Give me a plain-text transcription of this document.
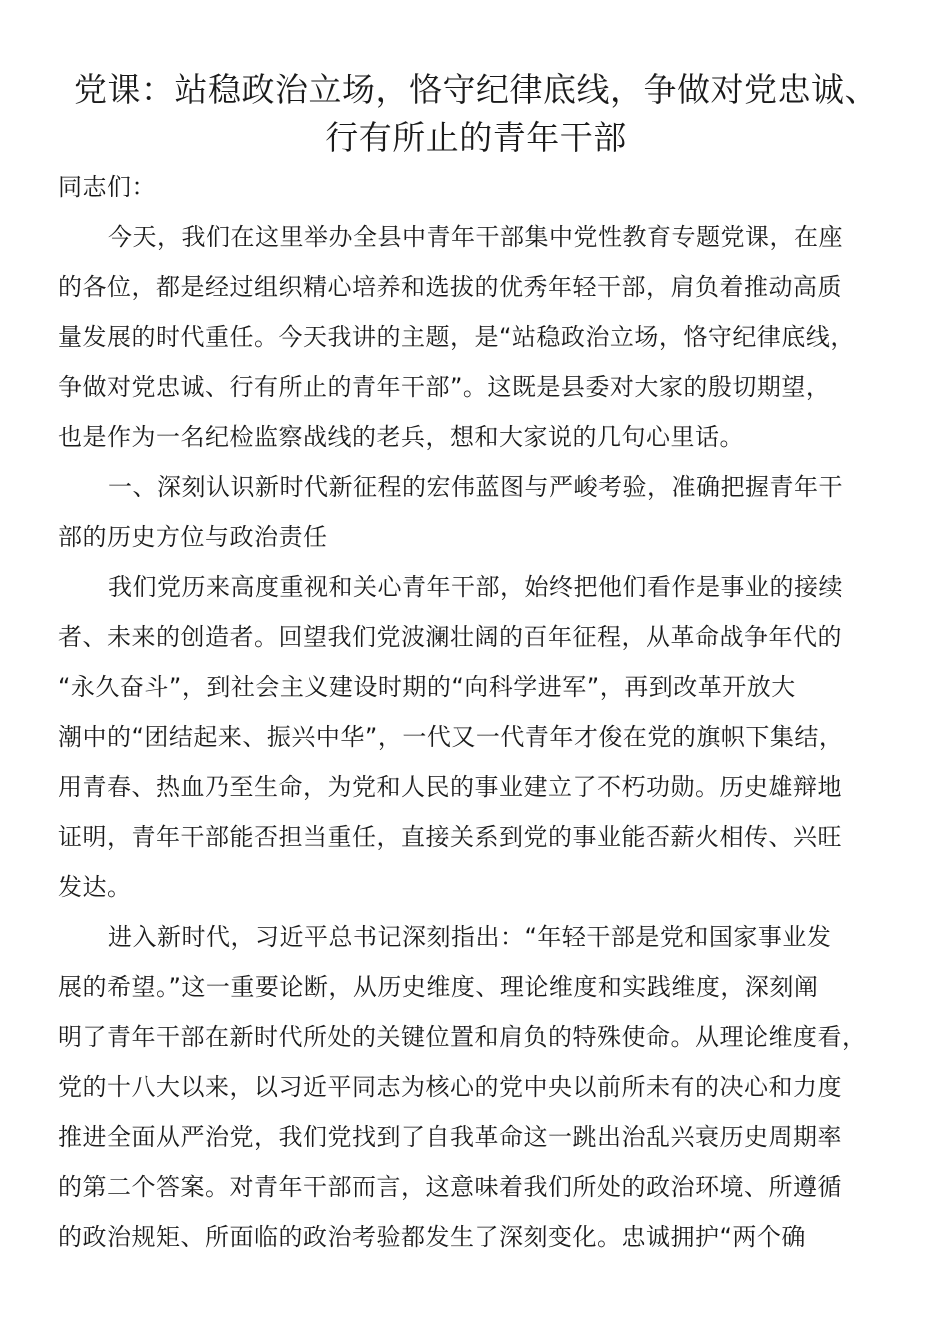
党课：站稳政治立场，恪守纪律底线，争做对党忠诚、
行有所止的青年干部

同志们：

今天，我们在这里举办全县中青年干部集中党性教育专题党课，在座
的各位，都是经过组织精心培养和选拔的优秀年轻干部，肩负着推动高质
量发展的时代重任。今天我讲的主题，是“站稳政治立场，恪守纪律底线，
争做对党忠诚、行有所止的青年干部”。这既是县委对大家的殷切期望，
也是作为一名纪检监察战线的老兵，想和大家说的几句心里话。

一、深刻认识新时代新征程的宏伟蓝图与严峻考验，准确把握青年干
部的历史方位与政治责任

我们党历来高度重视和关心青年干部，始终把他们看作是事业的接续
者、未来的创造者。回望我们党波澜壮阔的百年征程，从革命战争年代的
“永久奋斗”，到社会主义建设时期的“向科学进军”，再到改革开放大
潮中的“团结起来、振兴中华”，一代又一代青年才俊在党的旗帜下集结，
用青春、热血乃至生命，为党和人民的事业建立了不朽功勋。历史雄辩地
证明，青年干部能否担当重任，直接关系到党的事业能否薪火相传、兴旺
发达。

进入新时代，习近平总书记深刻指出：“年轻干部是党和国家事业发
展的希望。”这一重要论断，从历史维度、理论维度和实践维度，深刻阐
明了青年干部在新时代所处的关键位置和肩负的特殊使命。从理论维度看，
党的十八大以来，以习近平同志为核心的党中央以前所未有的决心和力度
推进全面从严治党，我们党找到了自我革命这一跳出治乱兴衰历史周期率
的第二个答案。对青年干部而言，这意味着我们所处的政治环境、所遵循
的政治规矩、所面临的政治考验都发生了深刻变化。忠诚拥护“两个确
